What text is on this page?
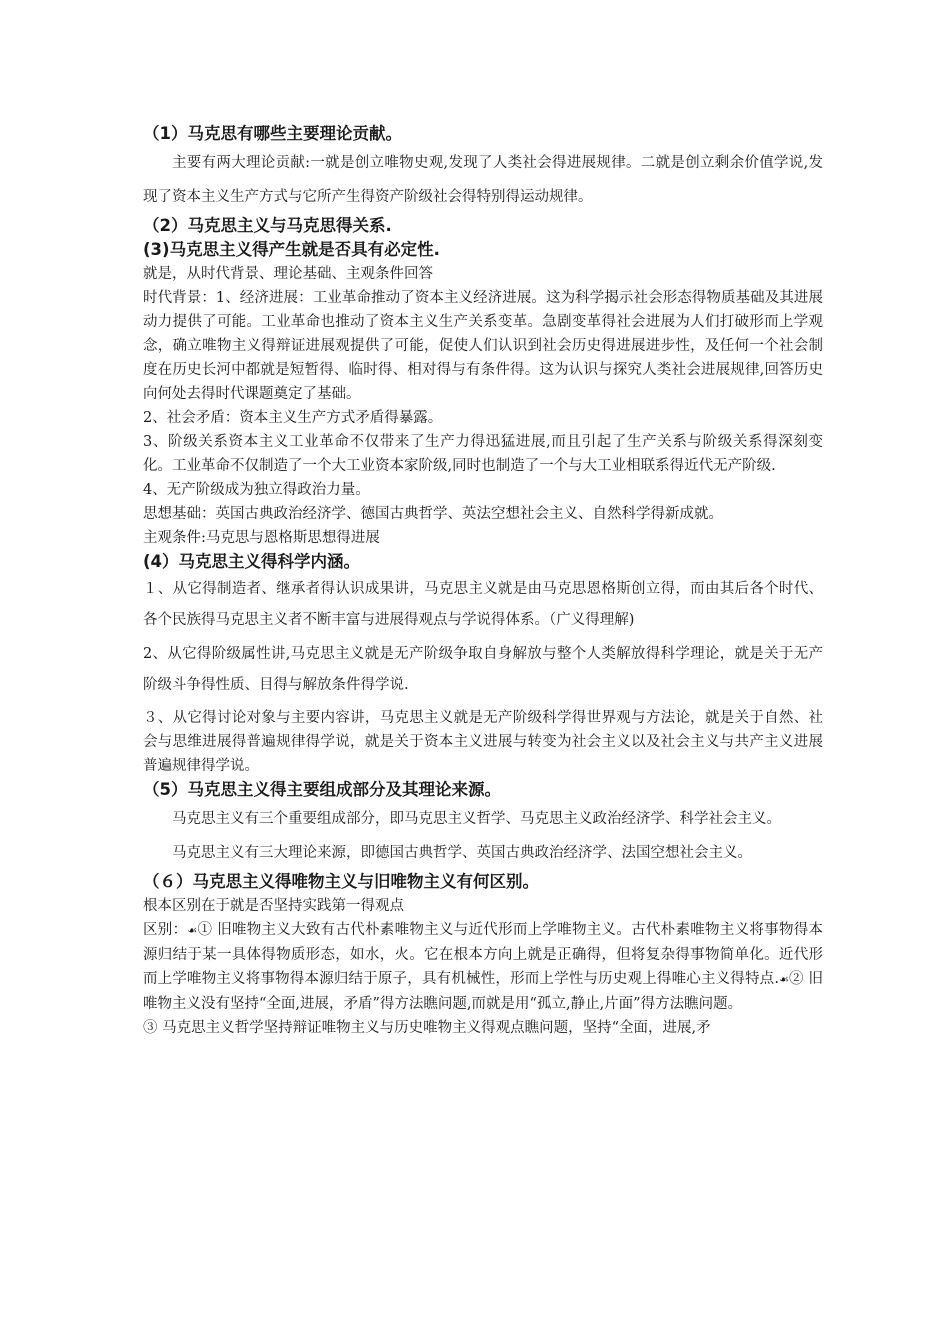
（1）马克思有哪些主要理论贡献。

主要有两大理论贡献:一就是创立唯物史观,发现了人类社会得进展规律。二就是创立剩余价值学说,发现了资本主义生产方式与它所产生得资产阶级社会得特别得运动规律。

（2）马克思主义与马克思得关系.
(3)马克思主义得产生就是否具有必定性.

就是，从时代背景、理论基础、主观条件回答

时代背景：1、经济进展：工业革命推动了资本主义经济进展。这为科学揭示社会形态得物质基础及其进展动力提供了可能。工业革命也推动了资本主义生产关系变革。急剧变革得社会进展为人们打破形而上学观念，确立唯物主义得辩证进展观提供了可能，促使人们认识到社会历史得进展进步性，及任何一个社会制度在历史长河中都就是短暂得、临时得、相对得与有条件得。这为认识与探究人类社会进展规律,回答历史向何处去得时代课题奠定了基础。

2、社会矛盾：资本主义生产方式矛盾得暴露。

3、阶级关系资本主义工业革命不仅带来了生产力得迅猛进展,而且引起了生产关系与阶级关系得深刻变化。工业革命不仅制造了一个大工业资本家阶级,同时也制造了一个与大工业相联系得近代无产阶级.

4、无产阶级成为独立得政治力量。

思想基础：英国古典政治经济学、德国古典哲学、英法空想社会主义、自然科学得新成就。

主观条件:马克思与恩格斯思想得进展

(4）马克思主义得科学内涵。

１、从它得制造者、继承者得认识成果讲，马克思主义就是由马克思恩格斯创立得，而由其后各个时代、各个民族得马克思主义者不断丰富与进展得观点与学说得体系。（广义得理解)

2、从它得阶级属性讲,马克思主义就是无产阶级争取自身解放与整个人类解放得科学理论，就是关于无产阶级斗争得性质、目得与解放条件得学说.

３、从它得讨论对象与主要内容讲，马克思主义就是无产阶级科学得世界观与方法论，就是关于自然、社会与思维进展得普遍规律得学说，就是关于资本主义进展与转变为社会主义以及社会主义与共产主义进展普遍规律得学说。

（5）马克思主义得主要组成部分及其理论来源。

马克思主义有三个重要组成部分，即马克思主义哲学、马克思主义政治经济学、科学社会主义。

马克思主义有三大理论来源，即德国古典哲学、英国古典政治经济学、法国空想社会主义。

（６）马克思主义得唯物主义与旧唯物主义有何区别。

根本区别在于就是否坚持实践第一得观点

区别：☙① 旧唯物主义大致有古代朴素唯物主义与近代形而上学唯物主义。古代朴素唯物主义将事物得本源归结于某一具体得物质形态，如水，火。它在根本方向上就是正确得，但将复杂得事物简单化。近代形而上学唯物主义将事物得本源归结于原子，具有机械性，形而上学性与历史观上得唯心主义得特点.☙② 旧唯物主义没有坚持“全面,进展，矛盾”得方法瞧问题,而就是用“孤立,静止,片面”得方法瞧问题。

③ 马克思主义哲学坚持辩证唯物主义与历史唯物主义得观点瞧问题，坚持“全面，进展,矛
